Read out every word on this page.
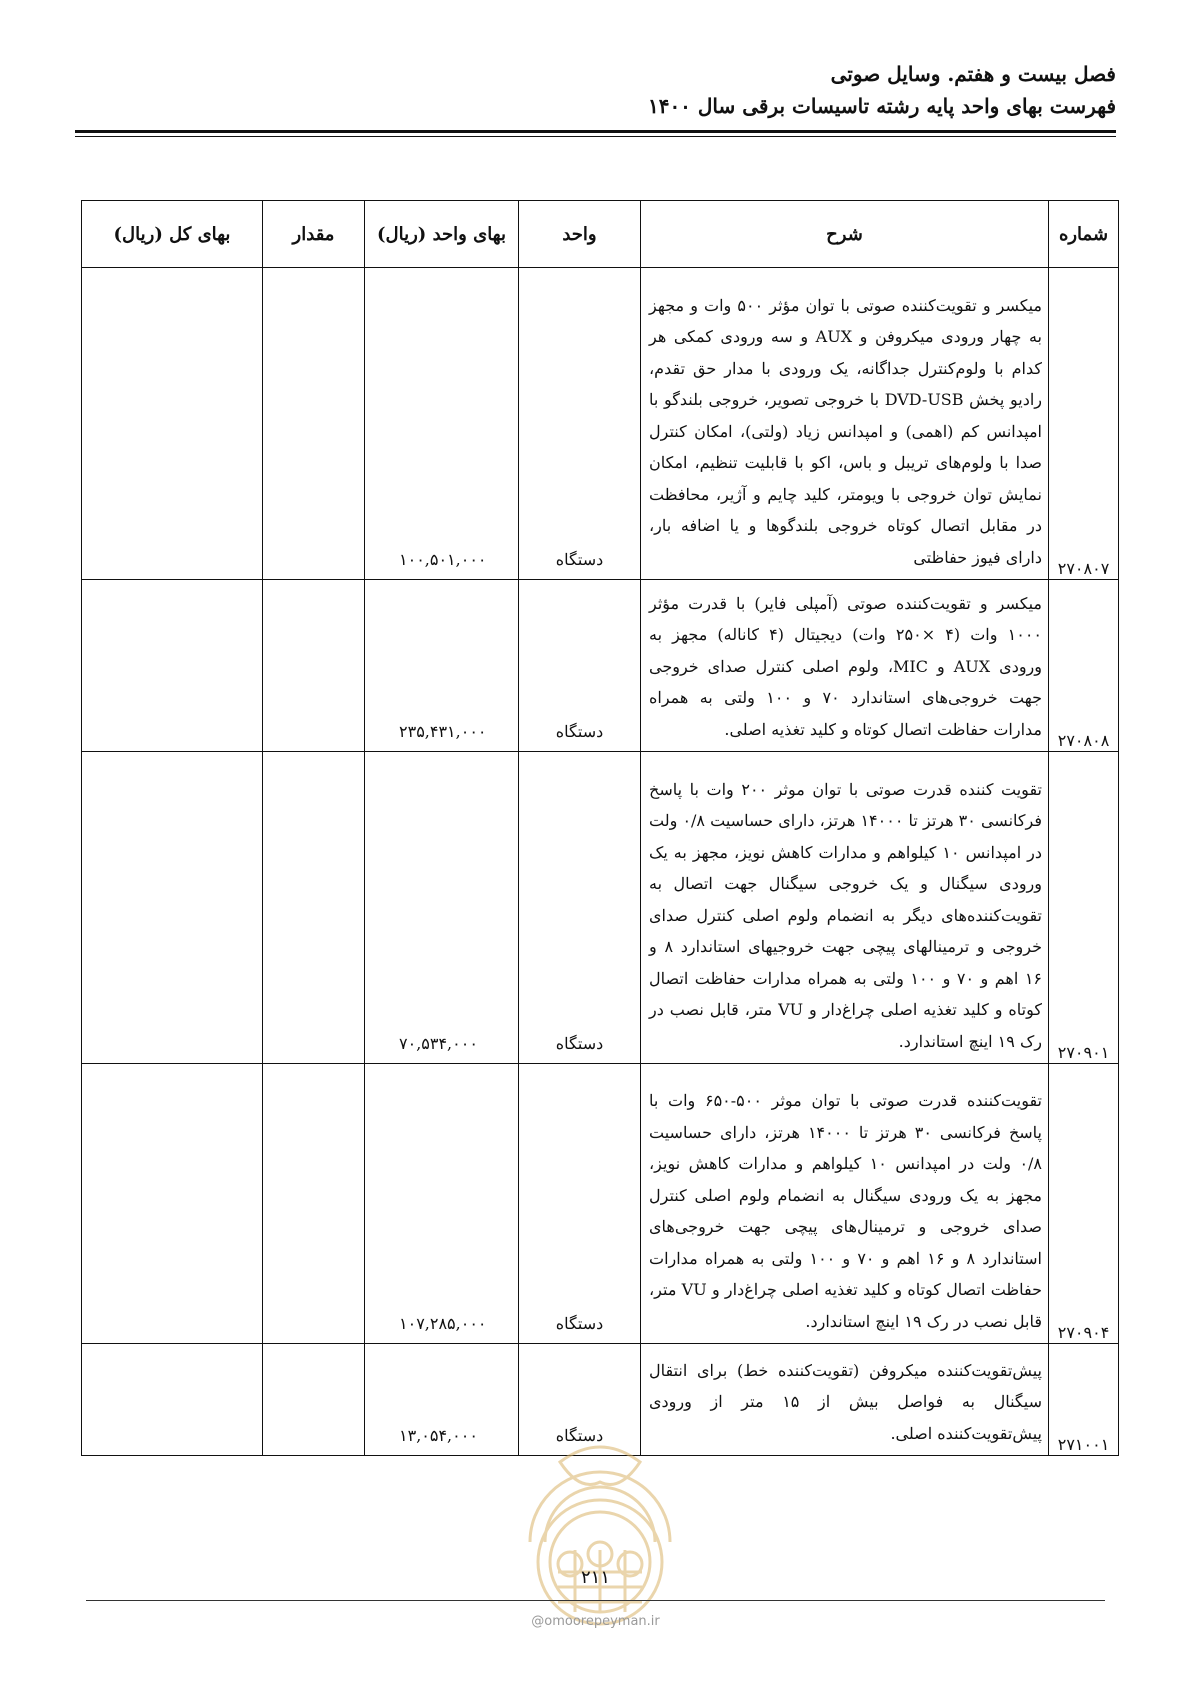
فصل بیست و هفتم. وسایل صوتی
فهرست بهای واحد پایه رشته تاسیسات برقی سال ۱۴۰۰
شماره	شرح	واحد	بهای واحد (ریال)	مقدار	بهای کل (ریال)
۲۷۰۸۰۷	میکسر و تقویت‌کننده صوتی با توان مؤثر ۵۰۰ وات و مجهز به چهار ورودی میکروفن و AUX و سه ورودی کمکی هر کدام با ولوم‌کنترل جداگانه، یک ورودی با مدار حق تقدم، رادیو پخش DVD-USB با خروجی تصویر، خروجی بلندگو با امپدانس کم (اهمی) و امپدانس زیاد (ولتی)، امکان کنترل صدا با ولوم‌های تریبل و باس، اکو با قابلیت تنظیم، امکان نمایش توان خروجی با ویومتر، کلید چایم و آژیر، محافظت در مقابل اتصال کوتاه خروجی بلندگوها و یا اضافه بار، دارای فیوز حفاظتی	دستگاه	۱۰۰,۵۰۱,۰۰۰		
۲۷۰۸۰۸	میکسر و تقویت‌کننده صوتی (آمپلی فایر) با قدرت مؤثر ۱۰۰۰ وات (۴ ×۲۵۰ وات) دیجیتال (۴ کاناله) مجهز به ورودی AUX و MIC، ولوم اصلی کنترل صدای خروجی جهت خروجی‌های استاندارد ۷۰ و ۱۰۰ ولتی به همراه مدارات حفاظت اتصال کوتاه و کلید تغذیه اصلی.	دستگاه	۲۳۵,۴۳۱,۰۰۰		
۲۷۰۹۰۱	تقویت کننده قدرت صوتی با توان موثر ۲۰۰ وات با پاسخ فرکانسی ۳۰ هرتز تا ۱۴۰۰۰ هرتز، دارای حساسیت ۰/۸ ولت در امپدانس ۱۰ کیلواهم و مدارات کاهش نویز، مجهز به یک ورودی سیگنال و یک خروجی سیگنال جهت اتصال به تقویت‌کننده‌های دیگر به انضمام ولوم اصلی کنترل صدای خروجی و ترمینالهای پیچی جهت خروجیهای استاندارد ۸ و ۱۶ اهم و ۷۰ و ۱۰۰ ولتی به همراه مدارات حفاظت اتصال کوتاه و کلید تغذیه اصلی چراغ‌دار و VU متر، قابل نصب در رک ۱۹ اینچ استاندارد.	دستگاه	۷۰,۵۳۴,۰۰۰		
۲۷۰۹۰۴	تقویت‌کننده قدرت صوتی با توان موثر ۵۰۰-۶۵۰ وات با پاسخ فرکانسی ۳۰ هرتز تا ۱۴۰۰۰ هرتز، دارای حساسیت ۰/۸ ولت در امپدانس ۱۰ کیلواهم و مدارات کاهش نویز، مجهز به یک ورودی سیگنال به انضمام ولوم اصلی کنترل صدای خروجی و ترمینال‌های پیچی جهت خروجی‌های استاندارد ۸ و ۱۶ اهم و ۷۰ و ۱۰۰ ولتی به همراه مدارات حفاظت اتصال کوتاه و کلید تغذیه اصلی چراغ‌دار و VU متر، قابل نصب در رک ۱۹ اینچ استاندارد.	دستگاه	۱۰۷,۲۸۵,۰۰۰		
۲۷۱۰۰۱	پیش‌تقویت‌کننده میکروفن (تقویت‌کننده خط) برای انتقال سیگنال به فواصل بیش از ۱۵ متر از ورودی پیش‌تقویت‌کننده اصلی.	دستگاه	۱۳,۰۵۴,۰۰۰		
۲۱۱
@omoorepeyman.ir
